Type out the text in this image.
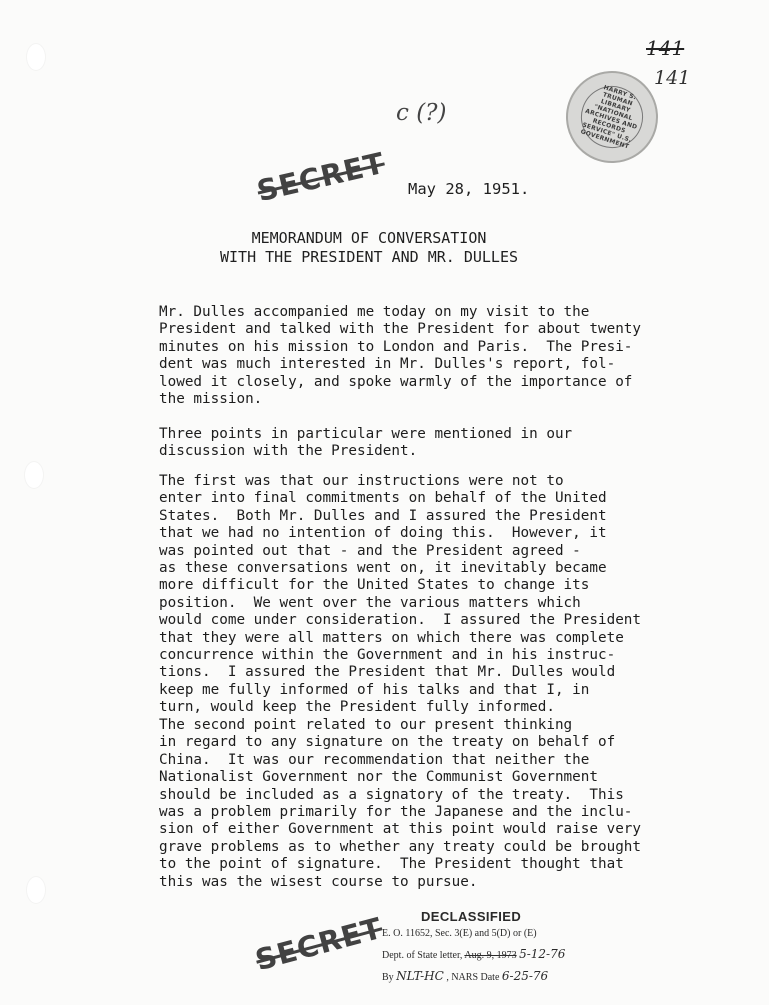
141
141
HARRY S. TRUMAN LIBRARY "NATIONAL ARCHIVES AND RECORDS SERVICE" U.S. GOVERNMENT
c (?)
SECRET May 28, 1951.
MEMORANDUM OF CONVERSATION
WITH THE PRESIDENT AND MR. DULLES
Mr. Dulles accompanied me today on my visit to the
President and talked with the President for about twenty
minutes on his mission to London and Paris.  The Presi-
dent was much interested in Mr. Dulles's report, fol-
lowed it closely, and spoke warmly of the importance of
the mission.
Three points in particular were mentioned in our
discussion with the President.
The first was that our instructions were not to
enter into final commitments on behalf of the United
States.  Both Mr. Dulles and I assured the President
that we had no intention of doing this.  However, it
was pointed out that - and the President agreed -
as these conversations went on, it inevitably became
more difficult for the United States to change its
position.  We went over the various matters which
would come under consideration.  I assured the President
that they were all matters on which there was complete
concurrence within the Government and in his instruc-
tions.  I assured the President that Mr. Dulles would
keep me fully informed of his talks and that I, in
turn, would keep the President fully informed.
The second point related to our present thinking
in regard to any signature on the treaty on behalf of
China.  It was our recommendation that neither the
Nationalist Government nor the Communist Government
should be included as a signatory of the treaty.  This
was a problem primarily for the Japanese and the inclu-
sion of either Government at this point would raise very
grave problems as to whether any treaty could be brought
to the point of signature.  The President thought that
this was the wisest course to pursue.
SECRET	DECLASSIFIED
E. O. 11652, Sec. 3(E) and 5(D) or (E)
Dept. of State letter, Aug. 9, 1973 5-12-76
By NLT-HC , NARS Date 6-25-76
